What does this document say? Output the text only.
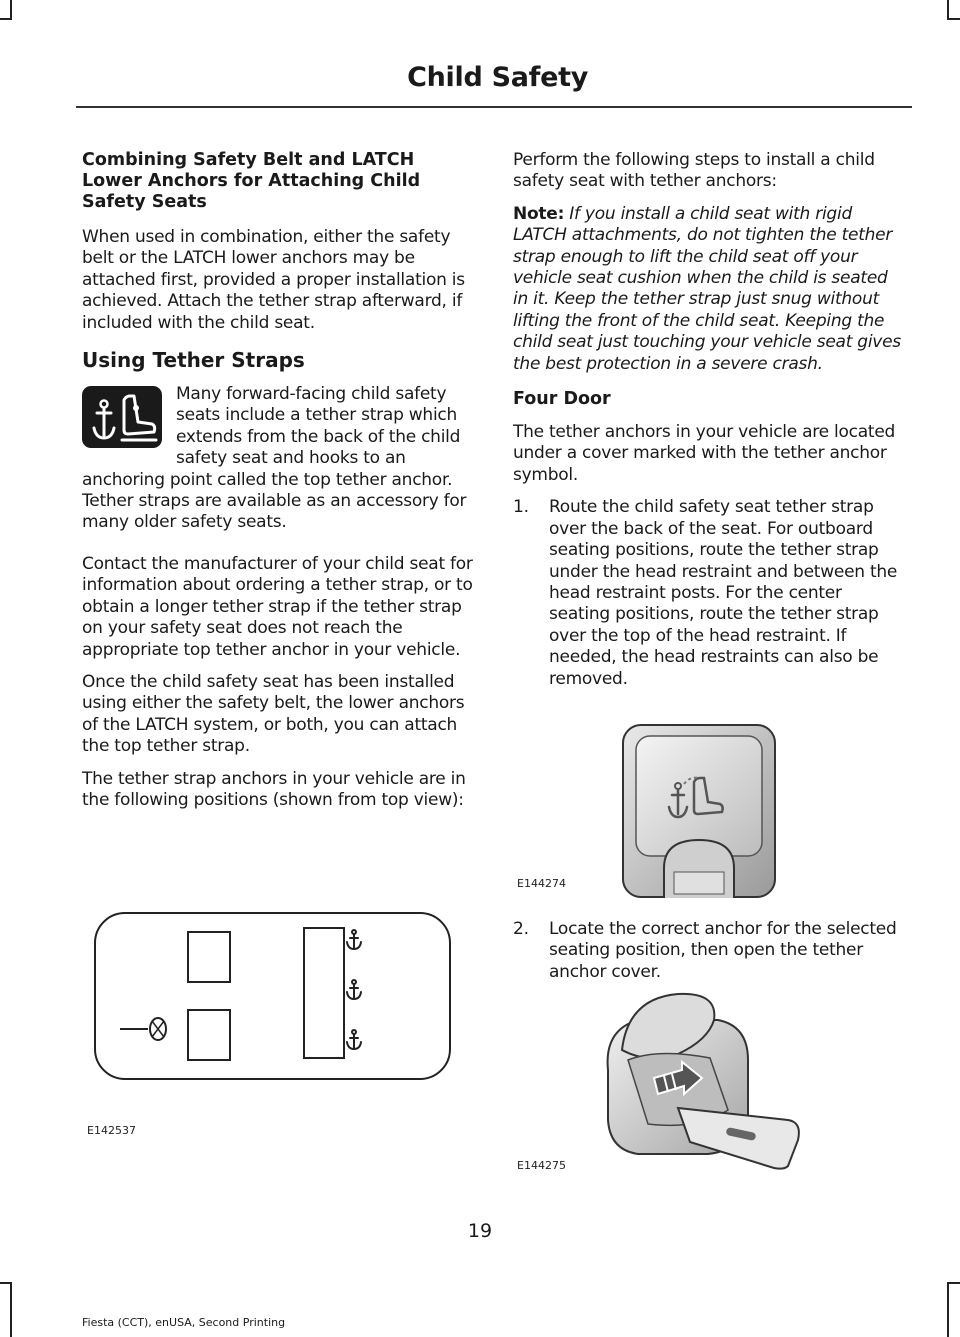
Child Safety
Combining Safety Belt and LATCH Lower Anchors for Attaching Child Safety Seats

When used in combination, either the safety belt or the LATCH lower anchors may be attached first, provided a proper installation is achieved. Attach the tether strap afterward, if included with the child seat.

Using Tether Straps

Many forward-facing child safety seats include a tether strap which extends from the back of the child safety seat and hooks to an anchoring point called the top tether anchor. Tether straps are available as an accessory for many older safety seats.

Contact the manufacturer of your child seat for information about ordering a tether strap, or to obtain a longer tether strap if the tether strap on your safety seat does not reach the appropriate top tether anchor in your vehicle.

Once the child safety seat has been installed using either the safety belt, the lower anchors of the LATCH system, or both, you can attach the top tether strap.

The tether strap anchors in your vehicle are in the following positions (shown from top view):

E142537

Perform the following steps to install a child safety seat with tether anchors:

Note: If you install a child seat with rigid LATCH attachments, do not tighten the tether strap enough to lift the child seat off your vehicle seat cushion when the child is seated in it. Keep the tether strap just snug without lifting the front of the child seat. Keeping the child seat just touching your vehicle seat gives the best protection in a severe crash.

Four Door

The tether anchors in your vehicle are located under a cover marked with the tether anchor symbol.

1. Route the child safety seat tether strap over the back of the seat. For outboard seating positions, route the tether strap under the head restraint and between the head restraint posts. For the center seating positions, route the tether strap over the top of the head restraint. If needed, the head restraints can also be removed.
E144274
2. Locate the correct anchor for the selected seating position, then open the tether anchor cover.
E144275
19
Fiesta (CCT), enUSA, Second Printing
